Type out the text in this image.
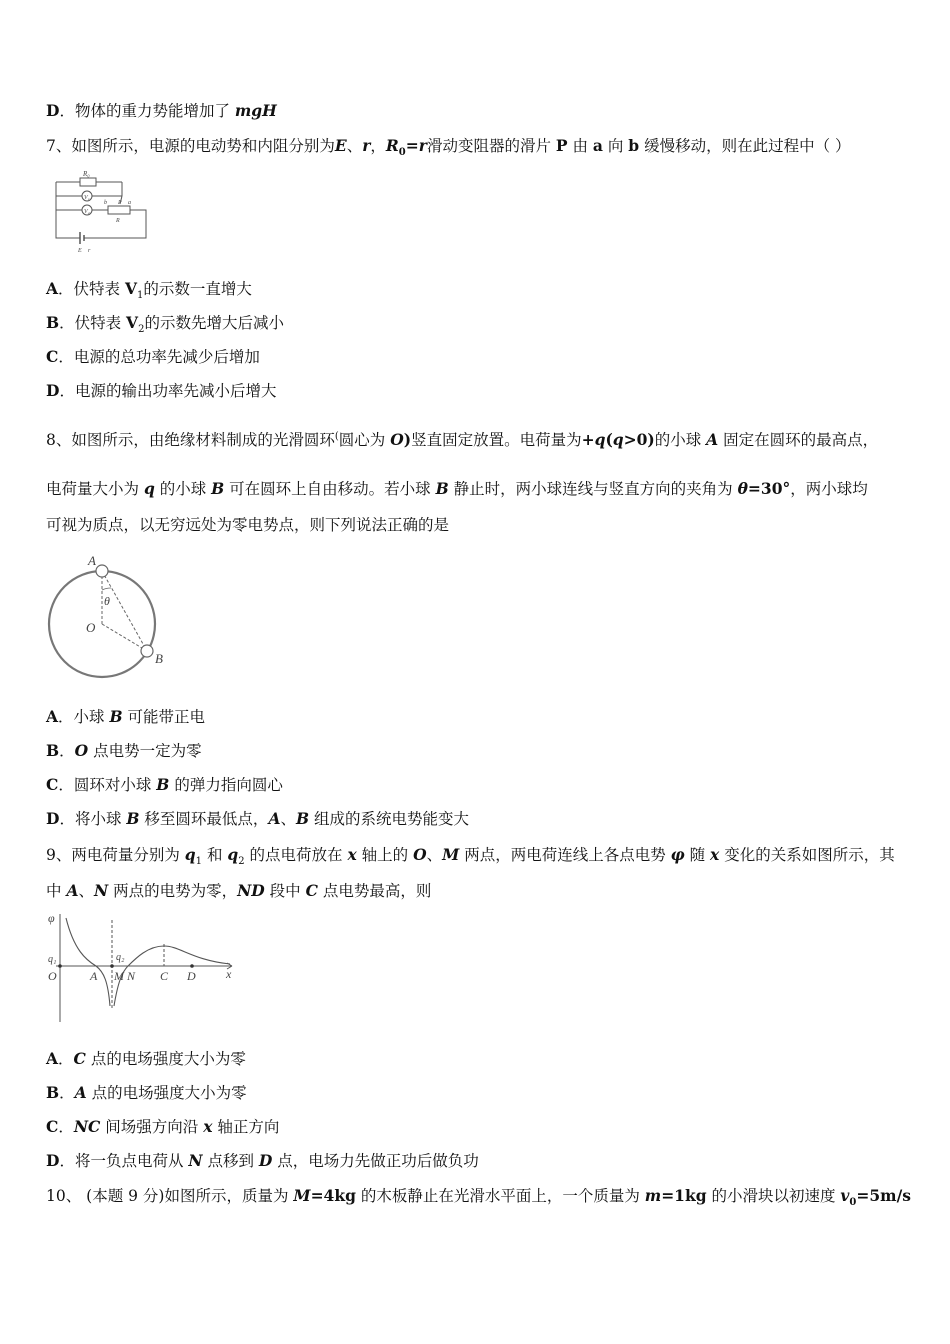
D．物体的重力势能增加了 mgH
7、如图所示，电源的电动势和内阻分别为E、r，$R_0=r$滑动变阻器的滑片 P 由 a 向 b 缓慢移动，则在此过程中（ ）
R₀
V₁
V₂
P a
b
R
E r
A．伏特表 $V_1$的示数一直增大
B．伏特表 $V_2$的示数先增大后减小
C．电源的总功率先减少后增加
D．电源的输出功率先减小后增大
8、如图所示，由绝缘材料制成的光滑圆环(圆心为 O)竖直固定放置。电荷量为+q(q>0)的小球 A 固定在圆环的最高点，
电荷量大小为 q 的小球 B 可在圆环上自由移动。若小球 B 静止时，两小球连线与竖直方向的夹角为 θ=30°，两小球均
可视为质点，以无穷远处为零电势点，则下列说法正确的是
A
B
O
θ
A．小球 B 可能带正电
B．O 点电势一定为零
C．圆环对小球 B 的弹力指向圆心
D．将小球 B 移至圆环最低点，A、B 组成的系统电势能变大
9、两电荷量分别为 $q_1$ 和 $q_2$ 的点电荷放在 x 轴上的 O、M 两点，两电荷连线上各点电势 φ 随 x 变化的关系如图所示，其
中 A、N 两点的电势为零，ND 段中 C 点电势最高，则
φ
q₁	q₂
O	A M N C D	x
A．C 点的电场强度大小为零
B．A 点的电场强度大小为零
C．NC 间场强方向沿 x 轴正方向
D．将一负点电荷从 N 点移到 D 点，电场力先做正功后做负功
10、 (本题 9 分)如图所示，质量为 M=4kg 的木板静止在光滑水平面上，一个质量为 m=1kg 的小滑块以初速度 $v_0=5m/s$
